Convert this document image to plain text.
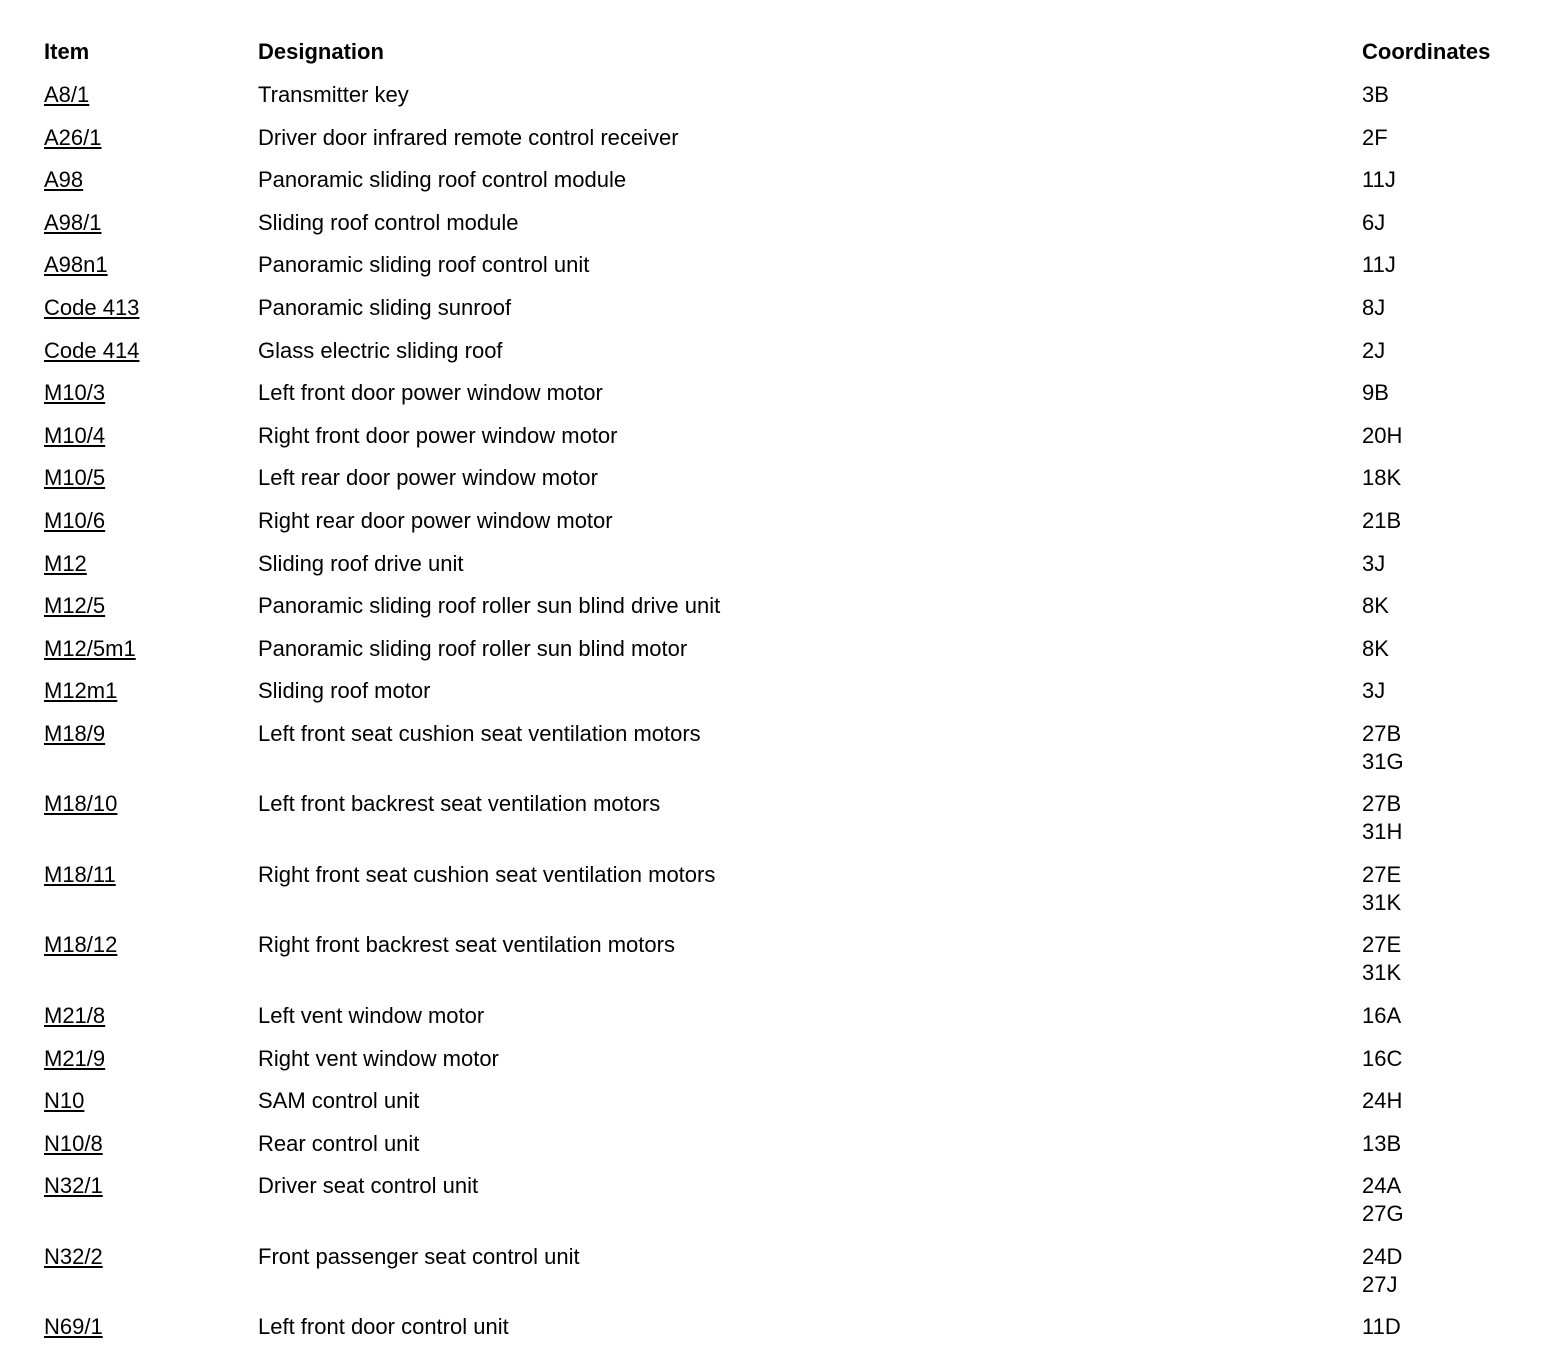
Item	Designation	Coordinates
A8/1	Transmitter key	3B
A26/1	Driver door infrared remote control receiver	2F
A98	Panoramic sliding roof control module	11J
A98/1	Sliding roof control module	6J
A98n1	Panoramic sliding roof control unit	11J
Code 413	Panoramic sliding sunroof	8J
Code 414	Glass electric sliding roof	2J
M10/3	Left front door power window motor	9B
M10/4	Right front door power window motor	20H
M10/5	Left rear door power window motor	18K
M10/6	Right rear door power window motor	21B
M12	Sliding roof drive unit	3J
M12/5	Panoramic sliding roof roller sun blind drive unit	8K
M12/5m1	Panoramic sliding roof roller sun blind motor	8K
M12m1	Sliding roof motor	3J
M18/9	Left front seat cushion seat ventilation motors	27B
31G
M18/10	Left front backrest seat ventilation motors	27B
31H
M18/11	Right front seat cushion seat ventilation motors	27E
31K
M18/12	Right front backrest seat ventilation motors	27E
31K
M21/8	Left vent window motor	16A
M21/9	Right vent window motor	16C
N10	SAM control unit	24H
N10/8	Rear control unit	13B
N32/1	Driver seat control unit	24A
27G
N32/2	Front passenger seat control unit	24D
27J
N69/1	Left front door control unit	11D
